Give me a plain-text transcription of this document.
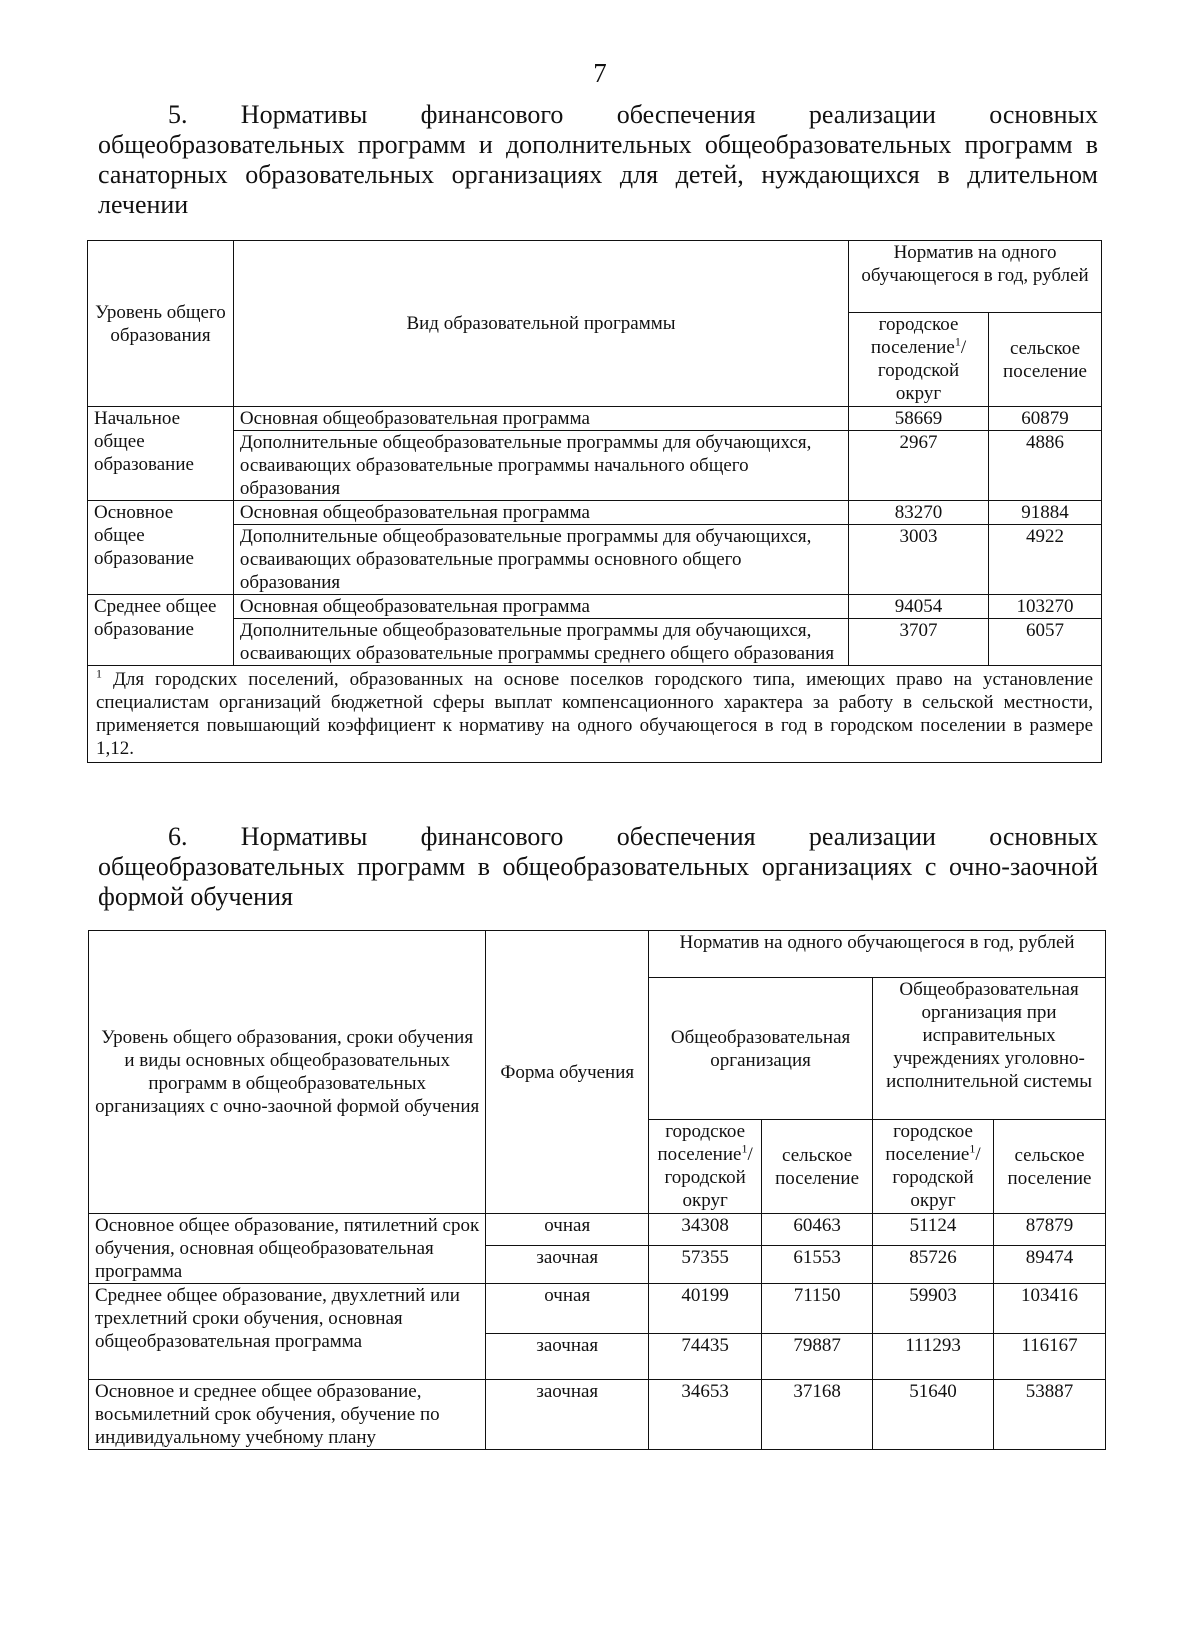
7
5. Нормативы финансового обеспечения реализации основных общеобразовательных программ и дополнительных общеобразовательных программ в санаторных образовательных организациях для детей, нуждающихся в длительном лечении
Уровень общего образования	Вид образовательной программы	Норматив на одного обучающегося в год, рублей	
		городское поселение$^1$/ городской округ	сельское поселение
Начальное общее образование	Основная общеобразовательная программа	58669	60879
	Дополнительные общеобразовательные программы для обучающихся, осваивающих образовательные программы начального общего образования	2967	4886
Основное общее образование	Основная общеобразовательная программа	83270	91884
	Дополнительные общеобразовательные программы для обучающихся, осваивающих образовательные программы основного общего образования	3003	4922
Среднее общее образование	Основная общеобразовательная программа	94054	103270
	Дополнительные общеобразовательные программы для обучающихся, осваивающих образовательные программы среднего общего образования	3707	6057
$^1$ Для городских поселений, образованных на основе поселков городского типа, имеющих право на установление специалистам организаций бюджетной сферы выплат компенсационного характера за работу в сельской местности, применяется повышающий коэффициент к нормативу на одного обучающегося в год в городском поселении в размере 1,12.			
6. Нормативы финансового обеспечения реализации основных общеобразовательных программ в общеобразовательных организациях с очно-заочной формой обучения
Уровень общего образования, сроки обучения и виды основных общеобразовательных программ в общеобразовательных организациях с очно-заочной формой обучения	Форма обучения	Норматив на одного обучающегося в год, рублей			
		Общеобразовательная организация		Общеобразовательная организация при исправительных учреждениях уголовно-исполнительной системы	
		городское поселение$^1$/ городской округ	сельское поселение	городское поселение$^1$/ городской округ	сельское поселение
Основное общее образование, пятилетний срок обучения, основная общеобразовательная программа	очная	34308	60463	51124	87879
	заочная	57355	61553	85726	89474
Среднее общее образование, двухлетний или трехлетний сроки обучения, основная общеобразовательная программа	очная	40199	71150	59903	103416
	заочная	74435	79887	111293	116167
Основное и среднее общее образование, восьмилетний срок обучения, обучение по индивидуальному учебному плану	заочная	34653	37168	51640	53887
